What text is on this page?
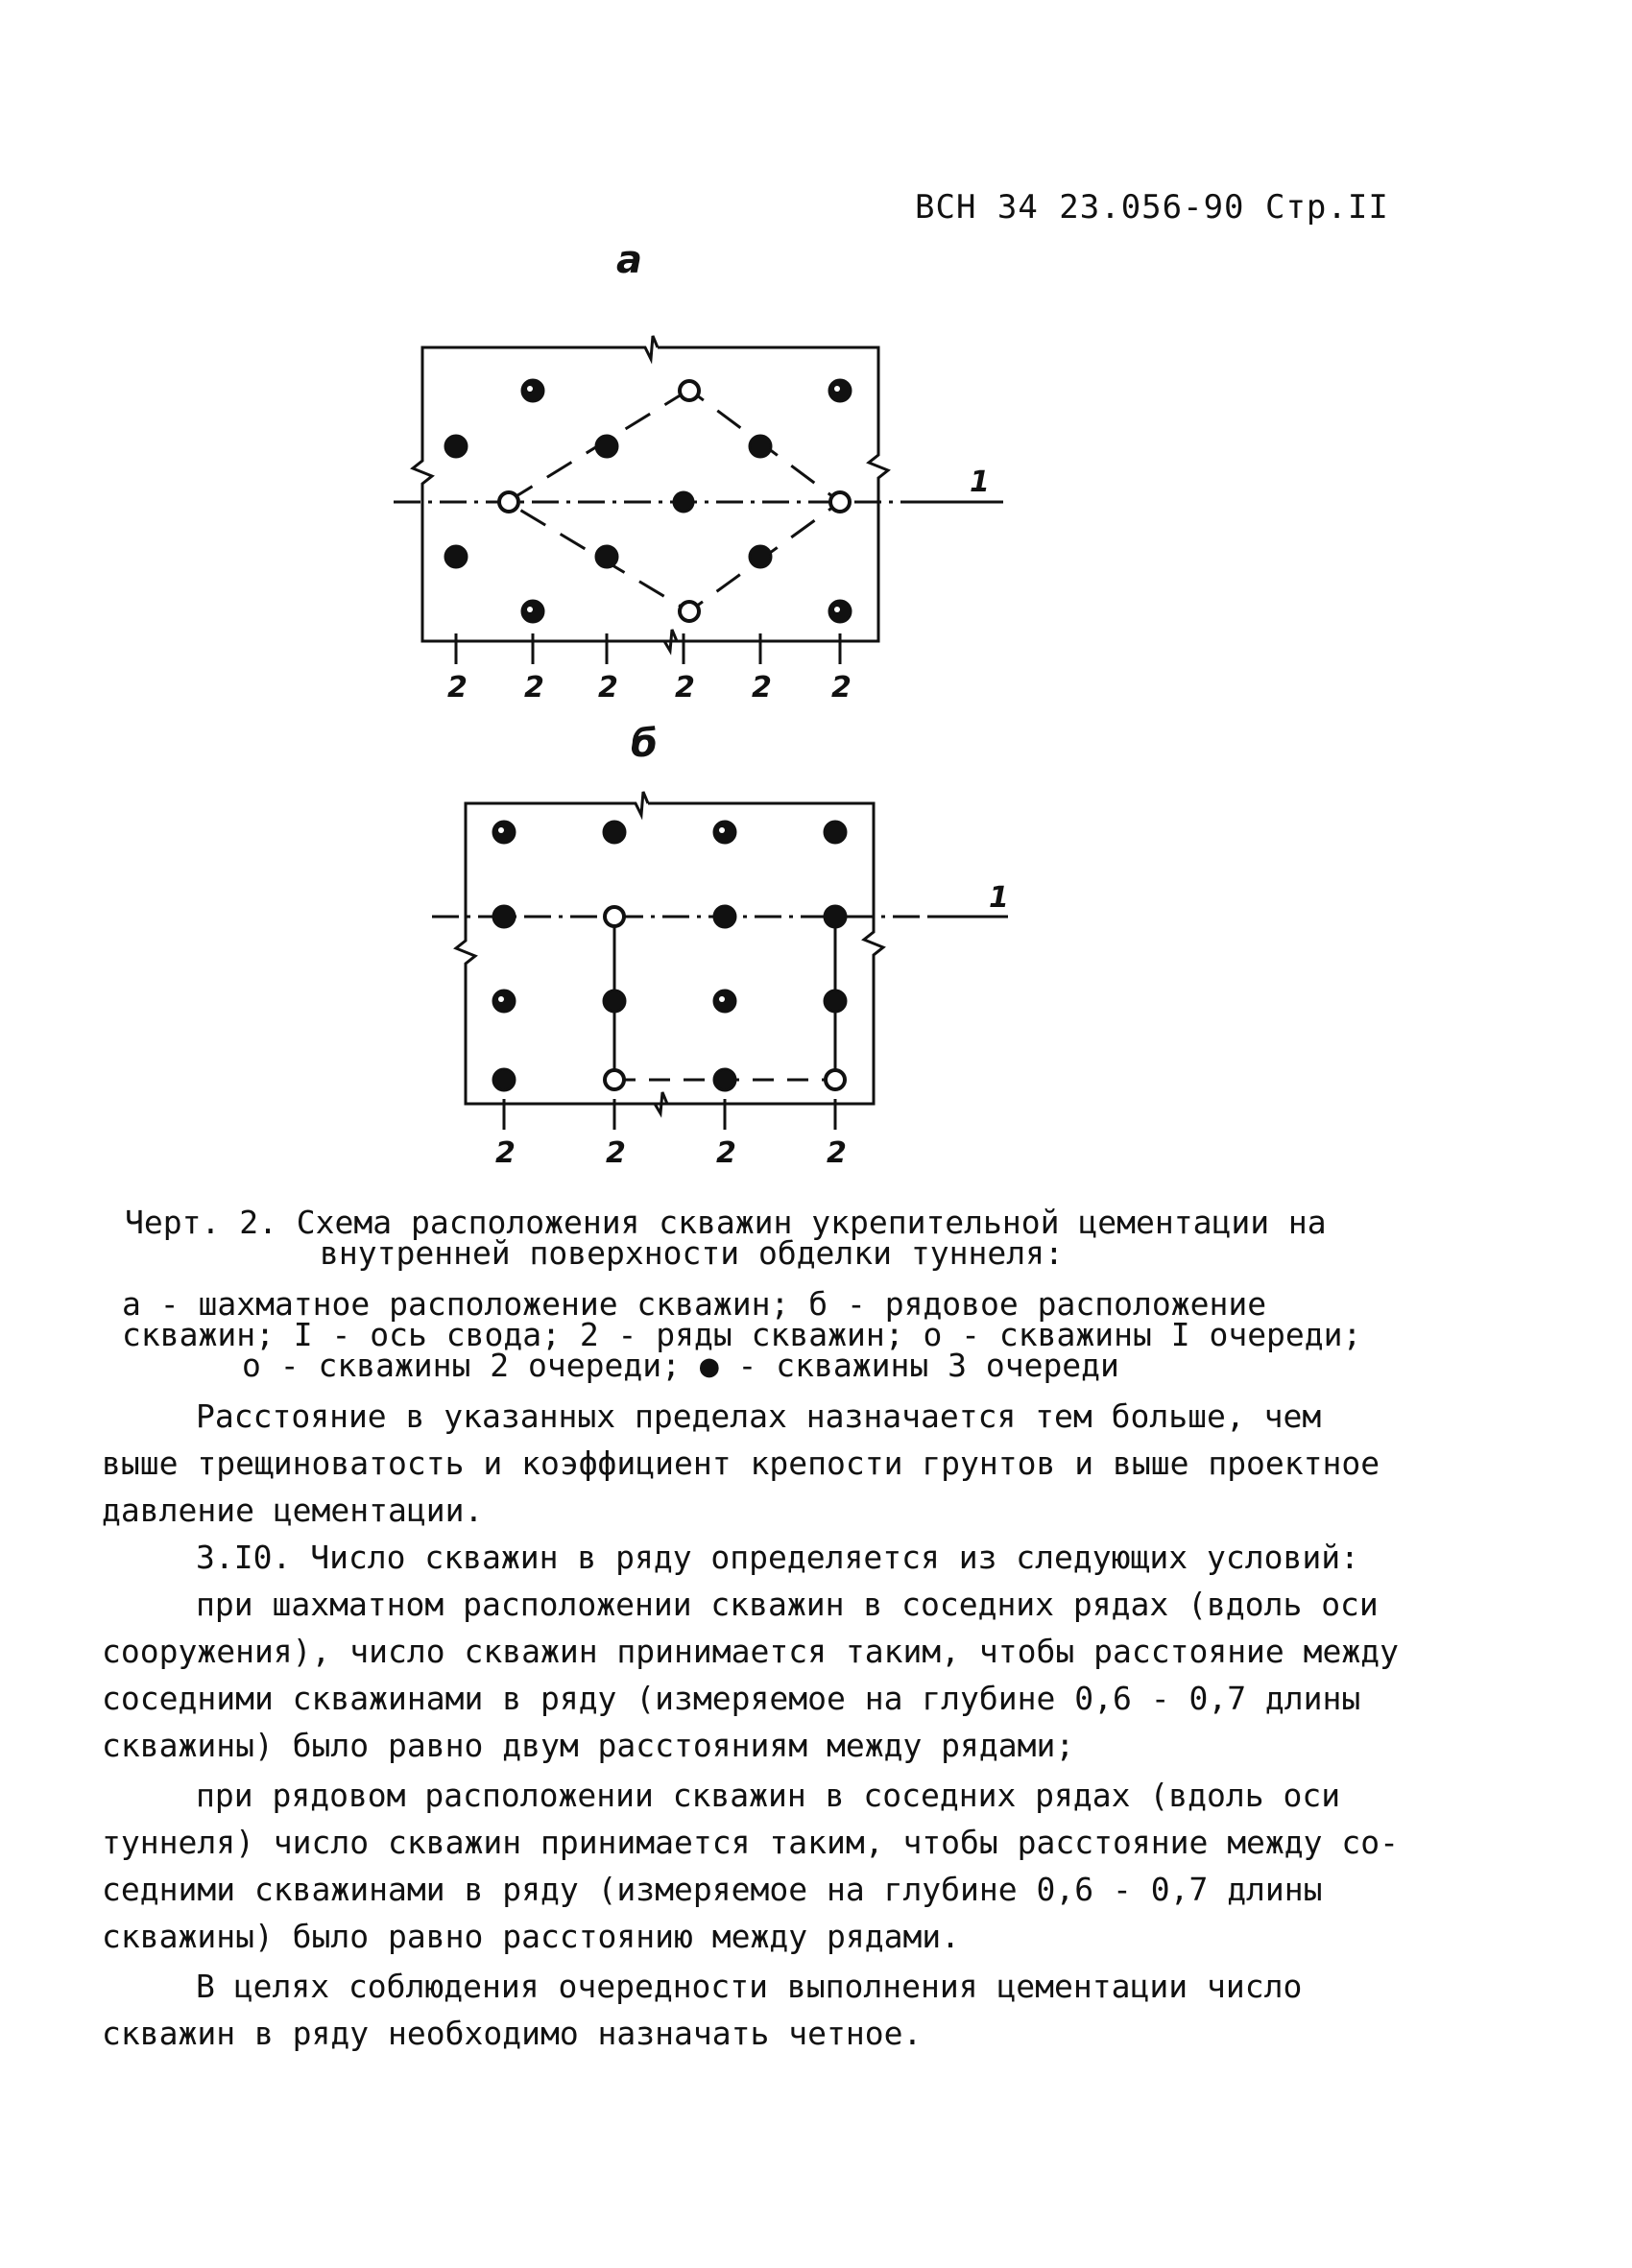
ВСН 34 23.056-90 Стр.II
а
б
1
2 2 2 2 2 2
1
2	2	2	2
Черт. 2. Схема расположения скважин укрепительной цементации на
внутренней поверхности обделки туннеля:
а - шахматное расположение скважин; б - рядовое расположение
скважин; I - ось свода; 2 - ряды скважин; о - скважины I очереди;
о - скважины 2 очереди; ● - скважины 3 очереди
Расстояние в указанных пределах назначается тем больше, чем
выше трещиноватость и коэффициент крепости грунтов и выше проектное
давление цементации.
3.I0. Число скважин в ряду определяется из следующих условий:
при шахматном расположении скважин в соседних рядах (вдоль оси
сооружения), число скважин принимается таким, чтобы расстояние между
соседними скважинами в ряду (измеряемое на глубине 0,6 - 0,7 длины
скважины) было равно двум расстояниям между рядами;
при рядовом расположении скважин в соседних рядах (вдоль оси
туннеля) число скважин принимается таким, чтобы расстояние между со-
седними скважинами в ряду (измеряемое на глубине 0,6 - 0,7 длины
скважины) было равно расстоянию между рядами.
В целях соблюдения очередности выполнения цементации число
скважин в ряду необходимо назначать четное.
